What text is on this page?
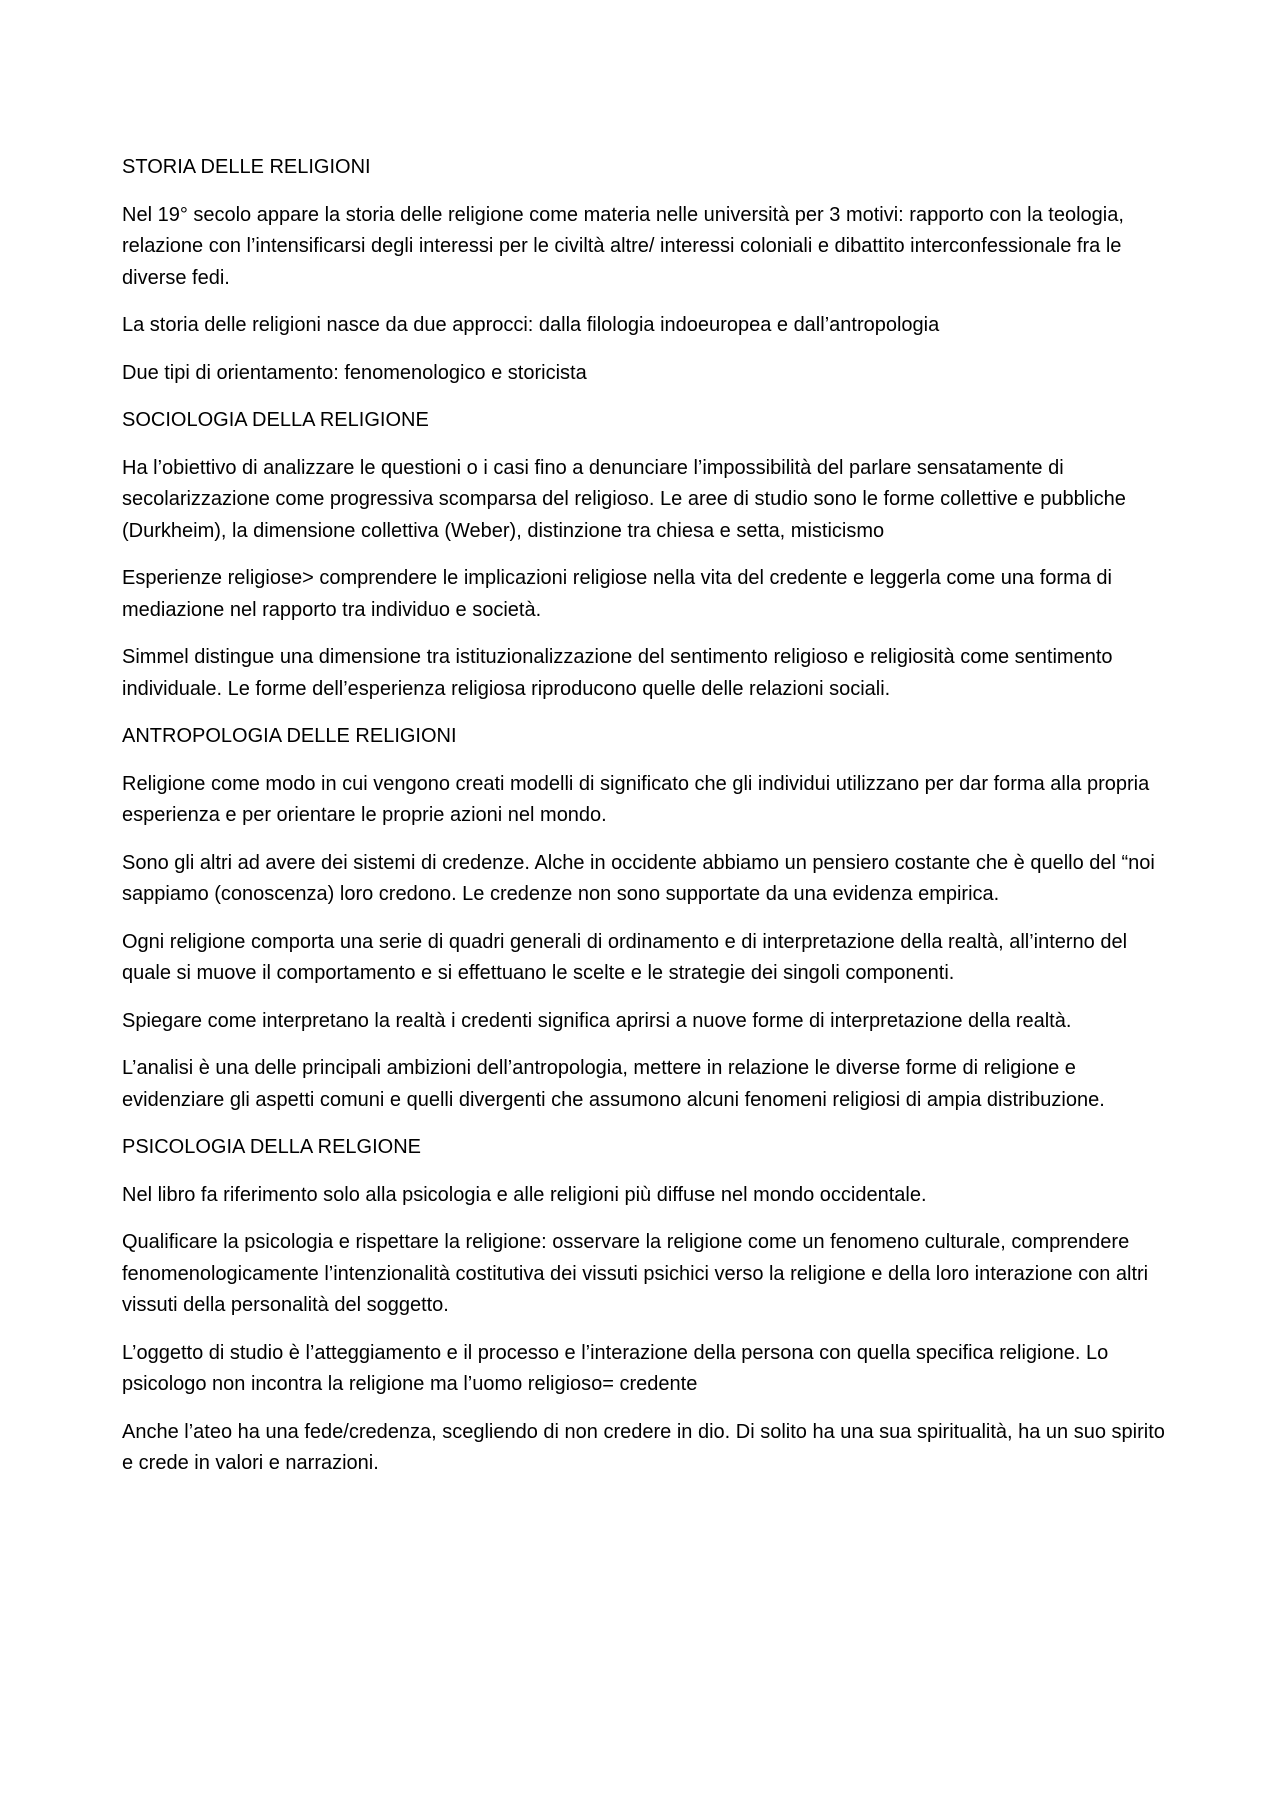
STORIA DELLE RELIGIONI

Nel 19° secolo appare la storia delle religione come materia nelle università per 3 motivi: rapporto con la teologia, relazione con l’intensificarsi degli interessi per le civiltà altre/ interessi coloniali e dibattito interconfessionale fra le diverse fedi.

La storia delle religioni nasce da due approcci: dalla filologia indoeuropea e dall’antropologia

Due tipi di orientamento: fenomenologico e storicista

SOCIOLOGIA DELLA RELIGIONE

Ha l’obiettivo di analizzare le questioni o i casi fino a denunciare l’impossibilità del parlare sensatamente di secolarizzazione come progressiva scomparsa del religioso. Le aree di studio sono le forme collettive e pubbliche (Durkheim), la dimensione collettiva (Weber), distinzione tra chiesa e setta, misticismo

Esperienze religiose> comprendere le implicazioni religiose nella vita del credente e leggerla come una forma di mediazione nel rapporto tra individuo e società.

Simmel distingue una dimensione tra istituzionalizzazione del sentimento religioso e religiosità come sentimento individuale. Le forme dell’esperienza religiosa riproducono quelle delle relazioni sociali.

ANTROPOLOGIA DELLE RELIGIONI

Religione come modo in cui vengono creati modelli di significato che gli individui utilizzano per dar forma alla propria esperienza e per orientare le proprie azioni nel mondo.

Sono gli altri ad avere dei sistemi di credenze. Alche in occidente abbiamo un pensiero costante che è quello del “noi sappiamo (conoscenza) loro credono. Le credenze non sono supportate da una evidenza empirica.

Ogni religione comporta una serie di quadri generali di ordinamento e di interpretazione della realtà, all’interno del quale si muove il comportamento e si effettuano le scelte e le strategie dei singoli componenti.

Spiegare come interpretano la realtà i credenti significa aprirsi a nuove forme di interpretazione della realtà.

L’analisi è una delle principali ambizioni dell’antropologia, mettere in relazione le diverse forme di religione e evidenziare gli aspetti comuni e quelli divergenti che assumono alcuni fenomeni religiosi di ampia distribuzione.

PSICOLOGIA DELLA RELGIONE

Nel libro fa riferimento solo alla psicologia e alle religioni più diffuse nel mondo occidentale.

Qualificare la psicologia e rispettare la religione: osservare la religione come un fenomeno culturale, comprendere fenomenologicamente l’intenzionalità costitutiva dei vissuti psichici verso la religione e della loro interazione con altri vissuti della personalità del soggetto.

L’oggetto di studio è l’atteggiamento e il processo e l’interazione della persona con quella specifica religione. Lo psicologo non incontra la religione ma l’uomo religioso= credente

Anche l’ateo ha una fede/credenza, scegliendo di non credere in dio. Di solito ha una sua spiritualità, ha un suo spirito e crede in valori e narrazioni.
